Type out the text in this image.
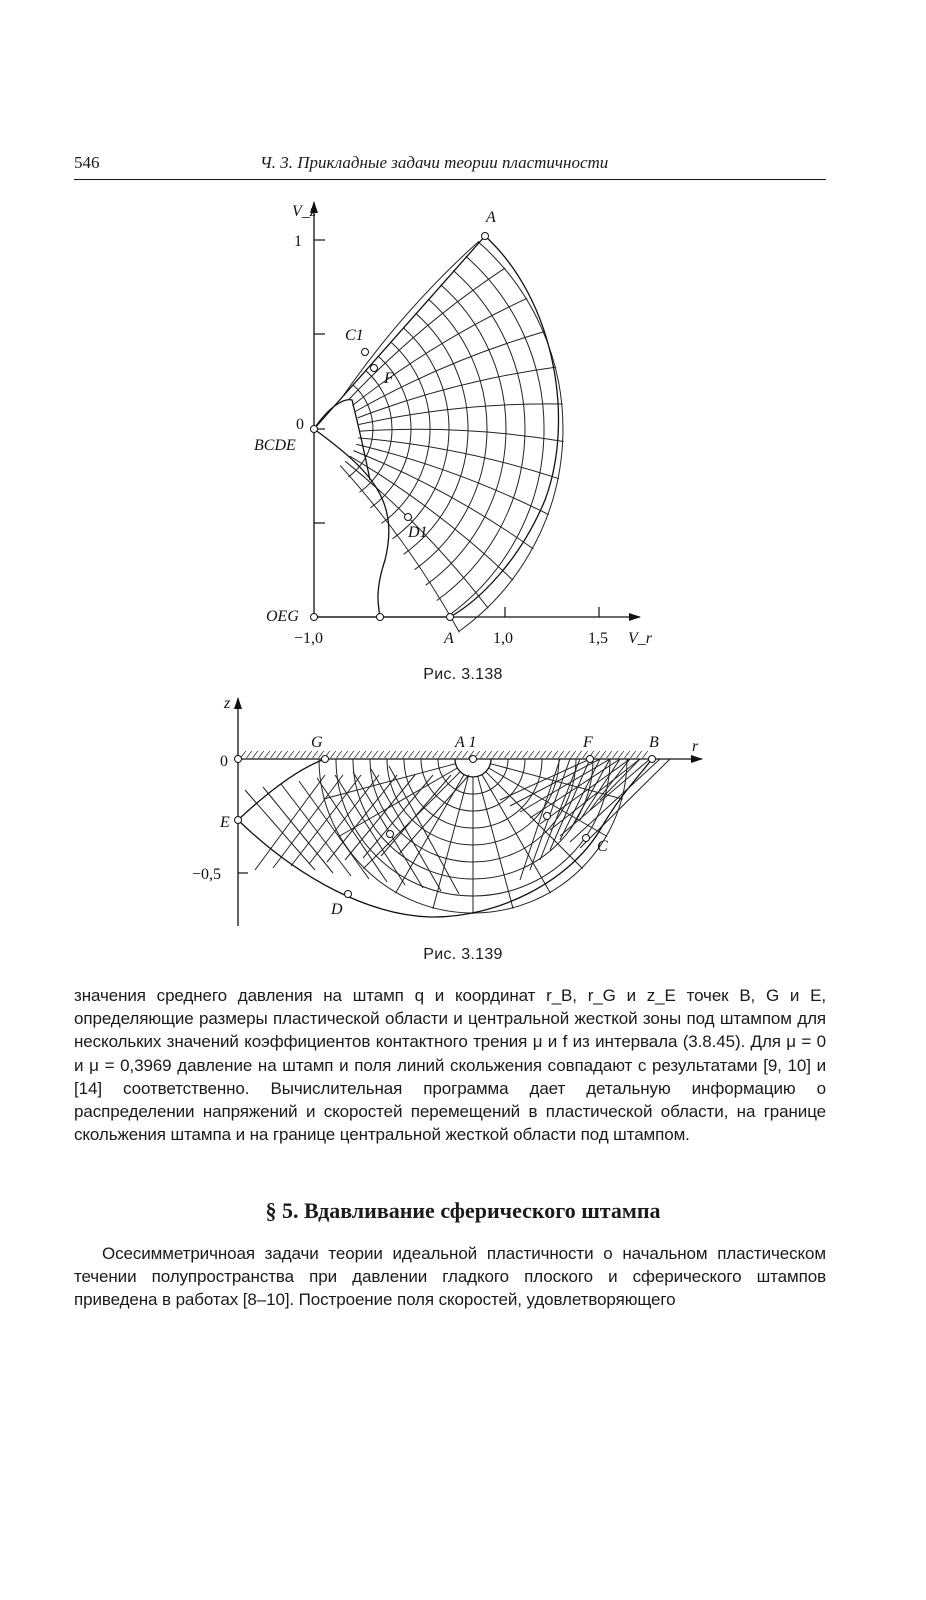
546	Ч. 3. Прикладные задачи теории пластичности
V_z
1
0
A
C1
F
BCDE
D1
OEG
−1,0	A 1,0	1,5 V_r
z
0
−0,5
G	A 1	F	B r
E
C
D
Рис. 3.138
Рис. 3.139
значения среднего давления на штамп q и координат r_B, r_G и z_E точек B, G и E, определяющие размеры пластической области и центральной жесткой зоны под штампом для нескольких значений коэффициентов контактного трения μ и f из интервала (3.8.45). Для μ = 0 и μ = 0,3969 давление на штамп и поля линий скольжения совпадают с результатами [9, 10] и [14] соответственно. Вычислительная программа дает детальную информацию о распределении напряжений и скоростей перемещений в пластической области, на границе скольжения штампа и на границе центральной жесткой области под штампом.
§ 5. Вдавливание сферического штампа
Осесимметричноая задачи теории идеальной пластичности о начальном пластическом течении полупространства при давлении гладкого плоского и сферического штампов приведена в работах [8–10]. Построение поля скоростей, удовлетворяющего
